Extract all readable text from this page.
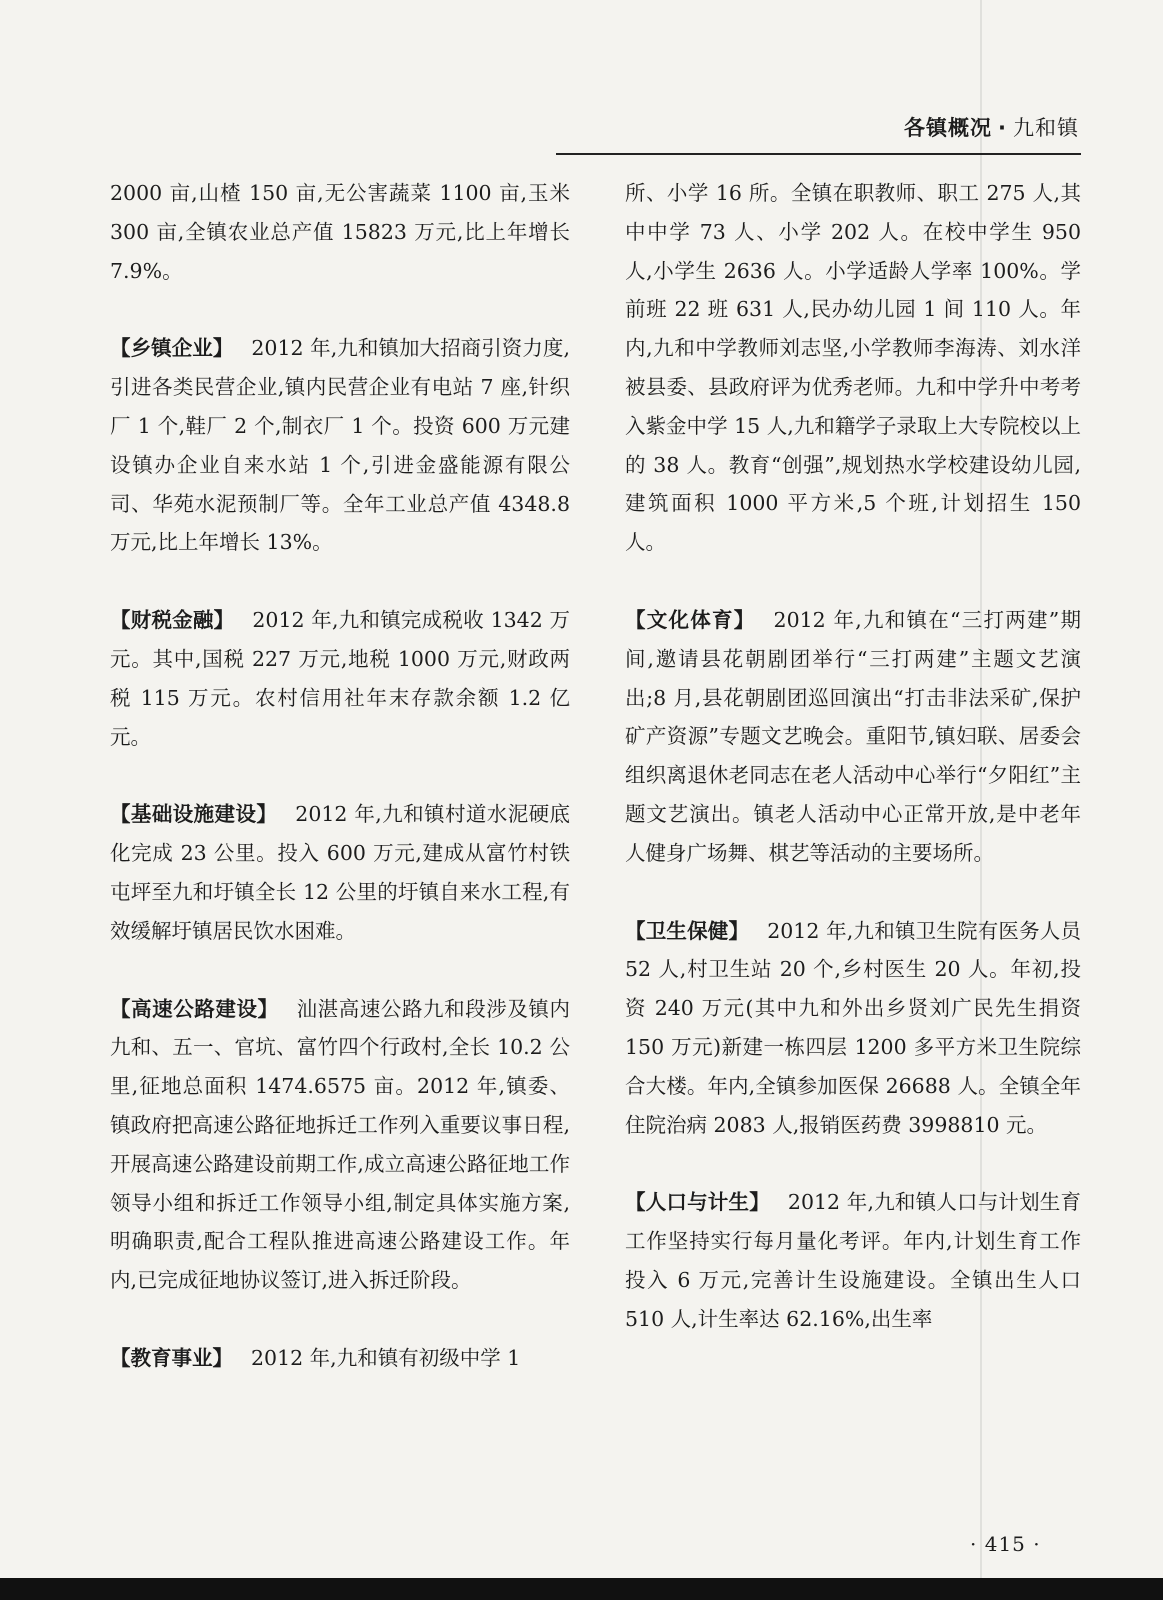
各镇概况 · 九和镇

2000 亩,山楂 150 亩,无公害蔬菜 1100 亩,玉米 300 亩,全镇农业总产值 15823 万元,比上年增长 7.9%。

【乡镇企业】 2012 年,九和镇加大招商引资力度,引进各类民营企业,镇内民营企业有电站 7 座,针织厂 1 个,鞋厂 2 个,制衣厂 1 个。投资 600 万元建设镇办企业自来水站 1 个,引进金盛能源有限公司、华苑水泥预制厂等。全年工业总产值 4348.8 万元,比上年增长 13%。

【财税金融】 2012 年,九和镇完成税收 1342 万元。其中,国税 227 万元,地税 1000 万元,财政两税 115 万元。农村信用社年末存款余额 1.2 亿元。

【基础设施建设】 2012 年,九和镇村道水泥硬底化完成 23 公里。投入 600 万元,建成从富竹村铁屯坪至九和圩镇全长 12 公里的圩镇自来水工程,有效缓解圩镇居民饮水困难。

【高速公路建设】 汕湛高速公路九和段涉及镇内九和、五一、官坑、富竹四个行政村,全长 10.2 公里,征地总面积 1474.6575 亩。2012 年,镇委、镇政府把高速公路征地拆迁工作列入重要议事日程,开展高速公路建设前期工作,成立高速公路征地工作领导小组和拆迁工作领导小组,制定具体实施方案,明确职责,配合工程队推进高速公路建设工作。年内,已完成征地协议签订,进入拆迁阶段。

【教育事业】 2012 年,九和镇有初级中学 1

所、小学 16 所。全镇在职教师、职工 275 人,其中中学 73 人、小学 202 人。在校中学生 950 人,小学生 2636 人。小学适龄人学率 100%。学前班 22 班 631 人,民办幼儿园 1 间 110 人。年内,九和中学教师刘志坚,小学教师李海涛、刘水洋被县委、县政府评为优秀老师。九和中学升中考考入紫金中学 15 人,九和籍学子录取上大专院校以上的 38 人。教育“创强”,规划热水学校建设幼儿园,建筑面积 1000 平方米,5 个班,计划招生 150 人。

【文化体育】 2012 年,九和镇在“三打两建”期间,邀请县花朝剧团举行“三打两建”主题文艺演出;8 月,县花朝剧团巡回演出“打击非法采矿,保护矿产资源”专题文艺晚会。重阳节,镇妇联、居委会组织离退休老同志在老人活动中心举行“夕阳红”主题文艺演出。镇老人活动中心正常开放,是中老年人健身广场舞、棋艺等活动的主要场所。

【卫生保健】 2012 年,九和镇卫生院有医务人员 52 人,村卫生站 20 个,乡村医生 20 人。年初,投资 240 万元(其中九和外出乡贤刘广民先生捐资 150 万元)新建一栋四层 1200 多平方米卫生院综合大楼。年内,全镇参加医保 26688 人。全镇全年住院治病 2083 人,报销医药费 3998810 元。

【人口与计生】 2012 年,九和镇人口与计划生育工作坚持实行每月量化考评。年内,计划生育工作投入 6 万元,完善计生设施建设。全镇出生人口 510 人,计生率达 62.16%,出生率

· 415 ·
